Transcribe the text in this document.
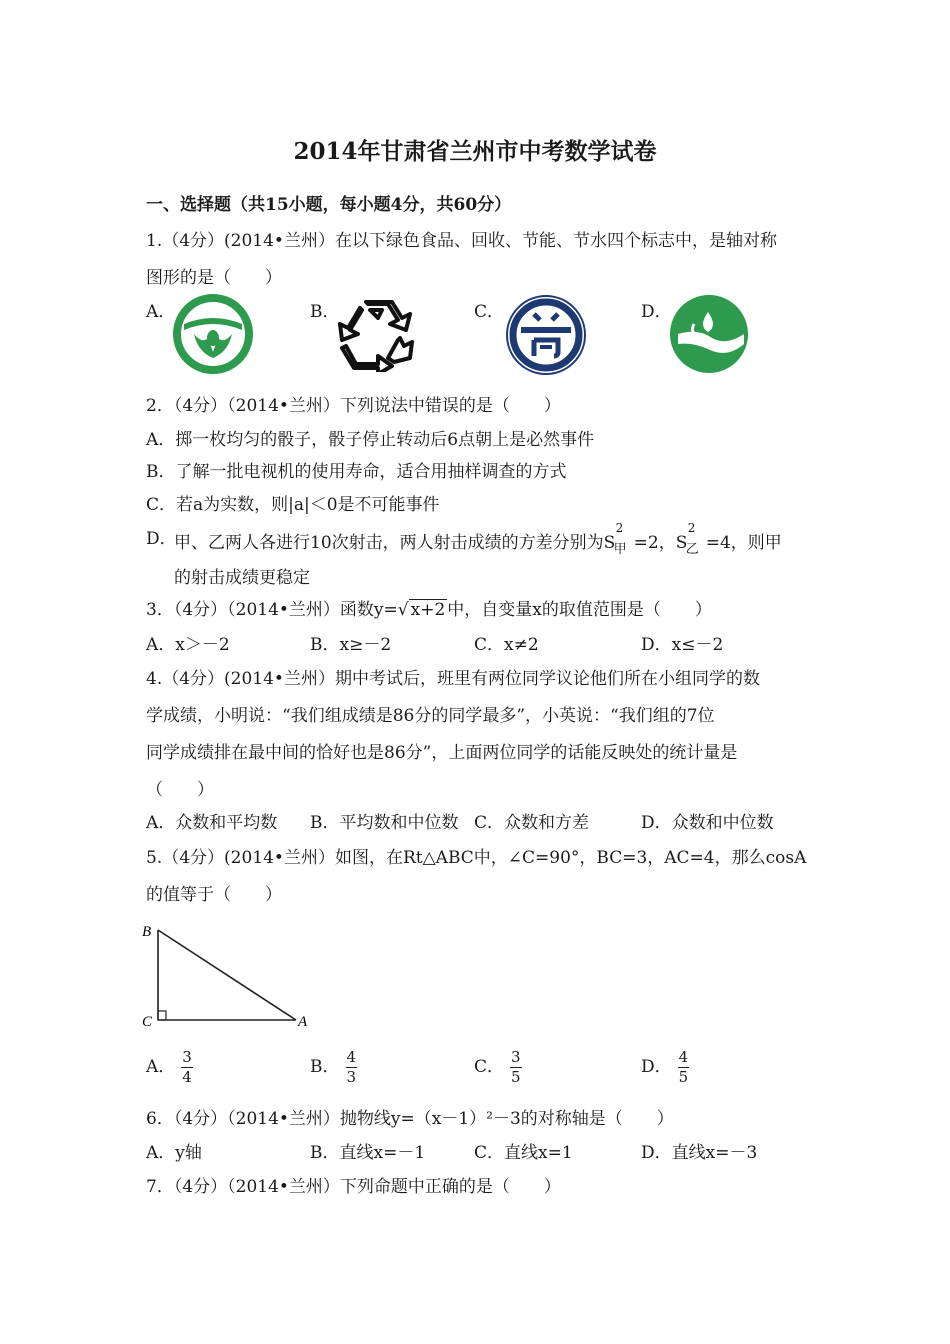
2014年甘肃省兰州市中考数学试卷
一、选择题（共15小题，每小题4分，共60分）
1.（4分）(2014•兰州）在以下绿色食品、回收、节能、节水四个标志中，是轴对称
图形的是（　　）
A．	B．	C．	D．
2．（4分）（2014•兰州）下列说法中错误的是（　　）
A．掷一枚均匀的骰子，骰子停止转动后6点朝上是必然事件
B．了解一批电视机的使用寿命，适合用抽样调查的方式
C．若a为实数，则|a|＜0是不可能事件
D．
甲、乙两人各进行10次射击，两人射击成绩的方差分别为S
2
甲 =2，S
2
乙 =4，则甲
的射击成绩更稳定
3．（4分）（2014•兰州）函数y=√ x+2 中，自变量x的取值范围是（　　）
A．x＞－2	B．x≥－2	C．x≠2	D．x≤－2
4.（4分）(2014•兰州）期中考试后，班里有两位同学议论他们所在小组同学的数
学成绩，小明说：“我们组成绩是86分的同学最多”，小英说：“我们组的7位
同学成绩排在最中间的恰好也是86分”，上面两位同学的话能反映处的统计量是
（　　）
A．众数和平均数 B．平均数和中位数 C．众数和方差	D．众数和中位数
5.（4分）(2014•兰州）如图，在Rt△ABC中，∠C=90°，BC=3，AC=4，那么cosA
的值等于（　　）
B
C	A
A． $\frac{3}{4}$	B． $\frac{4}{3}$	C． $\frac{3}{5}$	D． $\frac{4}{5}$
6．（4分）（2014•兰州）抛物线y=（x－1）²－3的对称轴是（　　）
A．y轴	B．直线x=－1	C．直线x=1	D．直线x=－3
7．（4分）（2014•兰州）下列命题中正确的是（　　）
